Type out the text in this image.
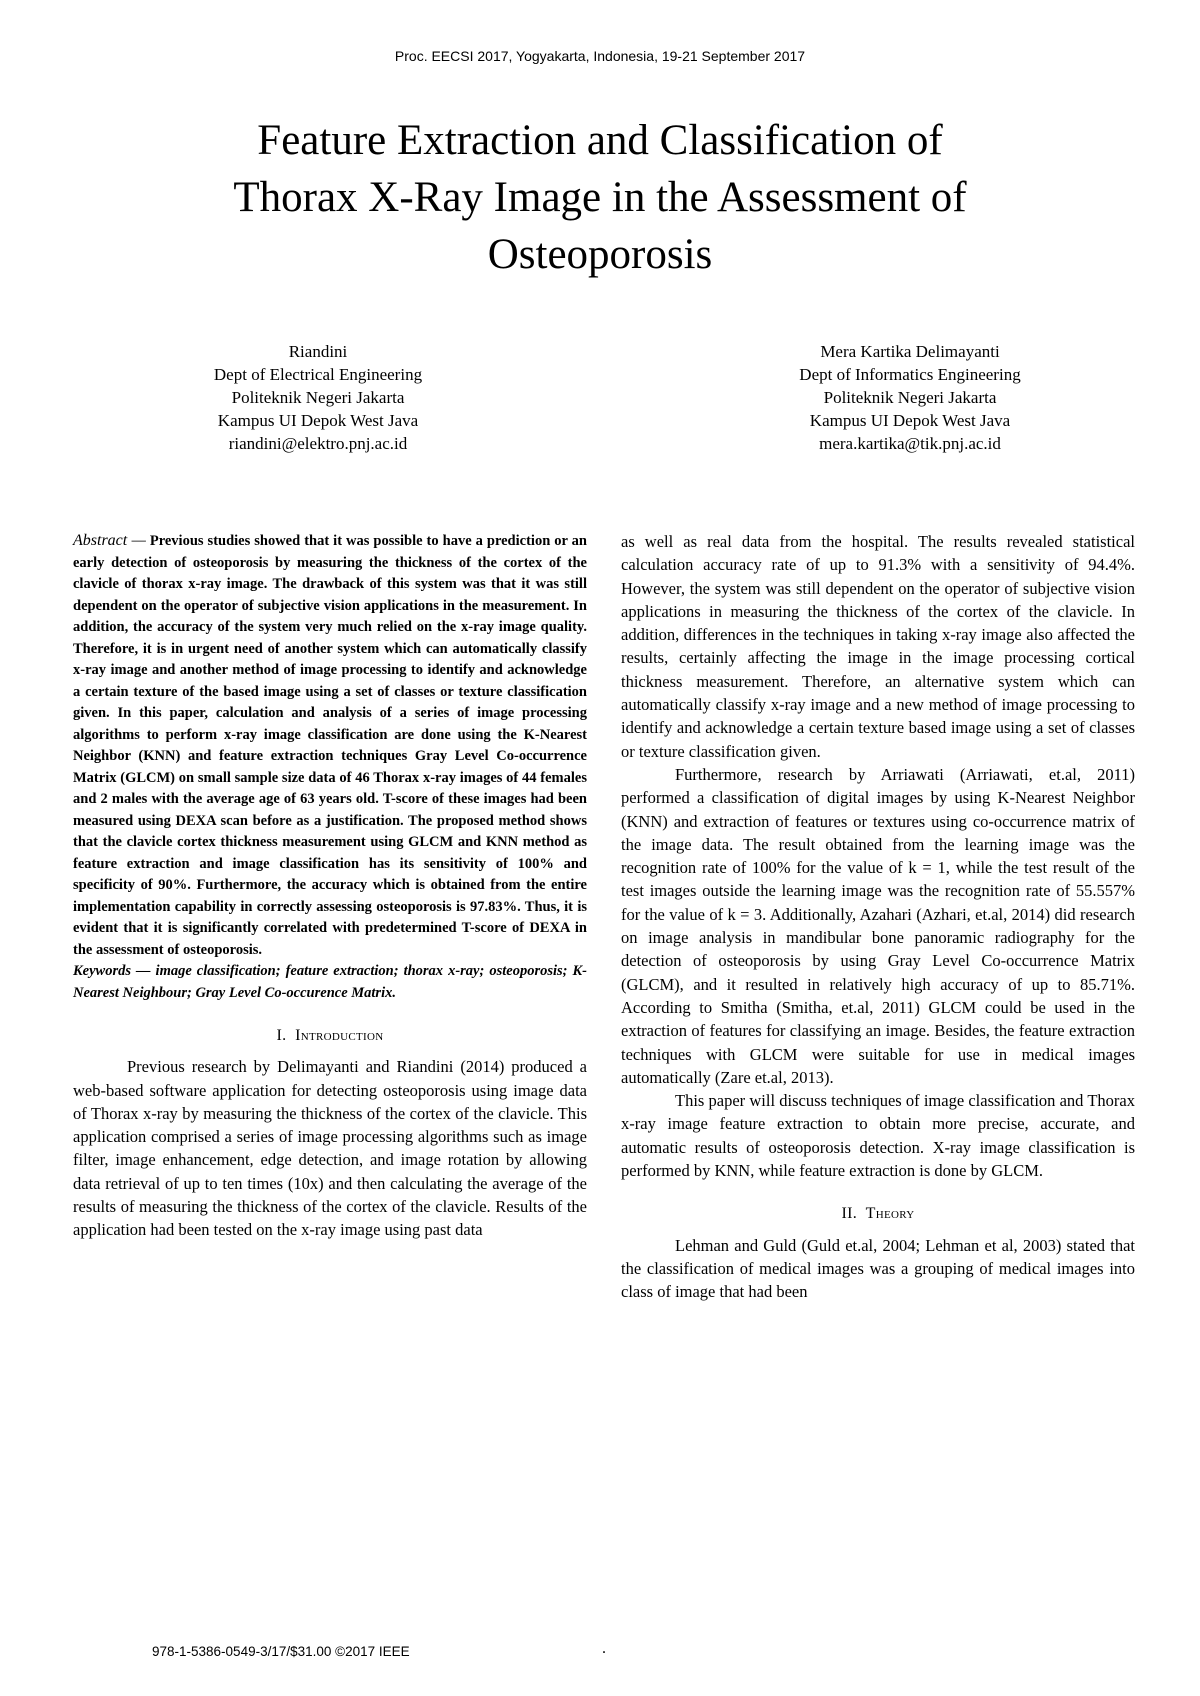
Proc. EECSI 2017, Yogyakarta, Indonesia, 19-21 September 2017
Feature Extraction and Classification of
Thorax X-Ray Image in the Assessment of
Osteoporosis
Riandini
Dept of Electrical Engineering
Politeknik Negeri Jakarta
Kampus UI Depok West Java
riandini@elektro.pnj.ac.id
Mera Kartika Delimayanti
Dept of Informatics Engineering
Politeknik Negeri Jakarta
Kampus UI Depok West Java
mera.kartika@tik.pnj.ac.id

Abstract — Previous studies showed that it was possible to have a prediction or an early detection of osteoporosis by measuring the thickness of the cortex of the clavicle of thorax x-ray image. The drawback of this system was that it was still dependent on the operator of subjective vision applications in the measurement. In addition, the accuracy of the system very much relied on the x-ray image quality. Therefore, it is in urgent need of another system which can automatically classify x-ray image and another method of image processing to identify and acknowledge a certain texture of the based image using a set of classes or texture classification given. In this paper, calculation and analysis of a series of image processing algorithms to perform x-ray image classification are done using the K-Nearest Neighbor (KNN) and feature extraction techniques Gray Level Co-occurrence Matrix (GLCM) on small sample size data of 46 Thorax x-ray images of 44 females and 2 males with the average age of 63 years old. T-score of these images had been measured using DEXA scan before as a justification. The proposed method shows that the clavicle cortex thickness measurement using GLCM and KNN method as feature extraction and image classification has its sensitivity of 100% and specificity of 90%. Furthermore, the accuracy which is obtained from the entire implementation capability in correctly assessing osteoporosis is 97.83%. Thus, it is evident that it is significantly correlated with predetermined T-score of DEXA in the assessment of osteoporosis.

Keywords — image classification; feature extraction; thorax x-ray; osteoporosis; K-Nearest Neighbour; Gray Level Co-occurence Matrix.

I. Introduction

Previous research by Delimayanti and Riandini (2014) produced a web-based software application for detecting osteoporosis using image data of Thorax x-ray by measuring the thickness of the cortex of the clavicle. This application comprised a series of image processing algorithms such as image filter, image enhancement, edge detection, and image rotation by allowing data retrieval of up to ten times (10x) and then calculating the average of the results of measuring the thickness of the cortex of the clavicle. Results of the application had been tested on the x-ray image using past data

as well as real data from the hospital. The results revealed statistical calculation accuracy rate of up to 91.3% with a sensitivity of 94.4%. However, the system was still dependent on the operator of subjective vision applications in measuring the thickness of the cortex of the clavicle. In addition, differences in the techniques in taking x-ray image also affected the results, certainly affecting the image in the image processing cortical thickness measurement. Therefore, an alternative system which can automatically classify x-ray image and a new method of image processing to identify and acknowledge a certain texture based image using a set of classes or texture classification given.

Furthermore, research by Arriawati (Arriawati, et.al, 2011) performed a classification of digital images by using K-Nearest Neighbor (KNN) and extraction of features or textures using co-occurrence matrix of the image data. The result obtained from the learning image was the recognition rate of 100% for the value of k = 1, while the test result of the test images outside the learning image was the recognition rate of 55.557% for the value of k = 3. Additionally, Azahari (Azhari, et.al, 2014) did research on image analysis in mandibular bone panoramic radiography for the detection of osteoporosis by using Gray Level Co-occurrence Matrix (GLCM), and it resulted in relatively high accuracy of up to 85.71%. According to Smitha (Smitha, et.al, 2011) GLCM could be used in the extraction of features for classifying an image. Besides, the feature extraction techniques with GLCM were suitable for use in medical images automatically (Zare et.al, 2013).

This paper will discuss techniques of image classification and Thorax x-ray image feature extraction to obtain more precise, accurate, and automatic results of osteoporosis detection. X-ray image classification is performed by KNN, while feature extraction is done by GLCM.

II. Theory

Lehman and Guld (Guld et.al, 2004; Lehman et al, 2003) stated that the classification of medical images was a grouping of medical images into class of image that had been

978-1-5386-0549-3/17/$31.00 ©2017 IEEE	.
